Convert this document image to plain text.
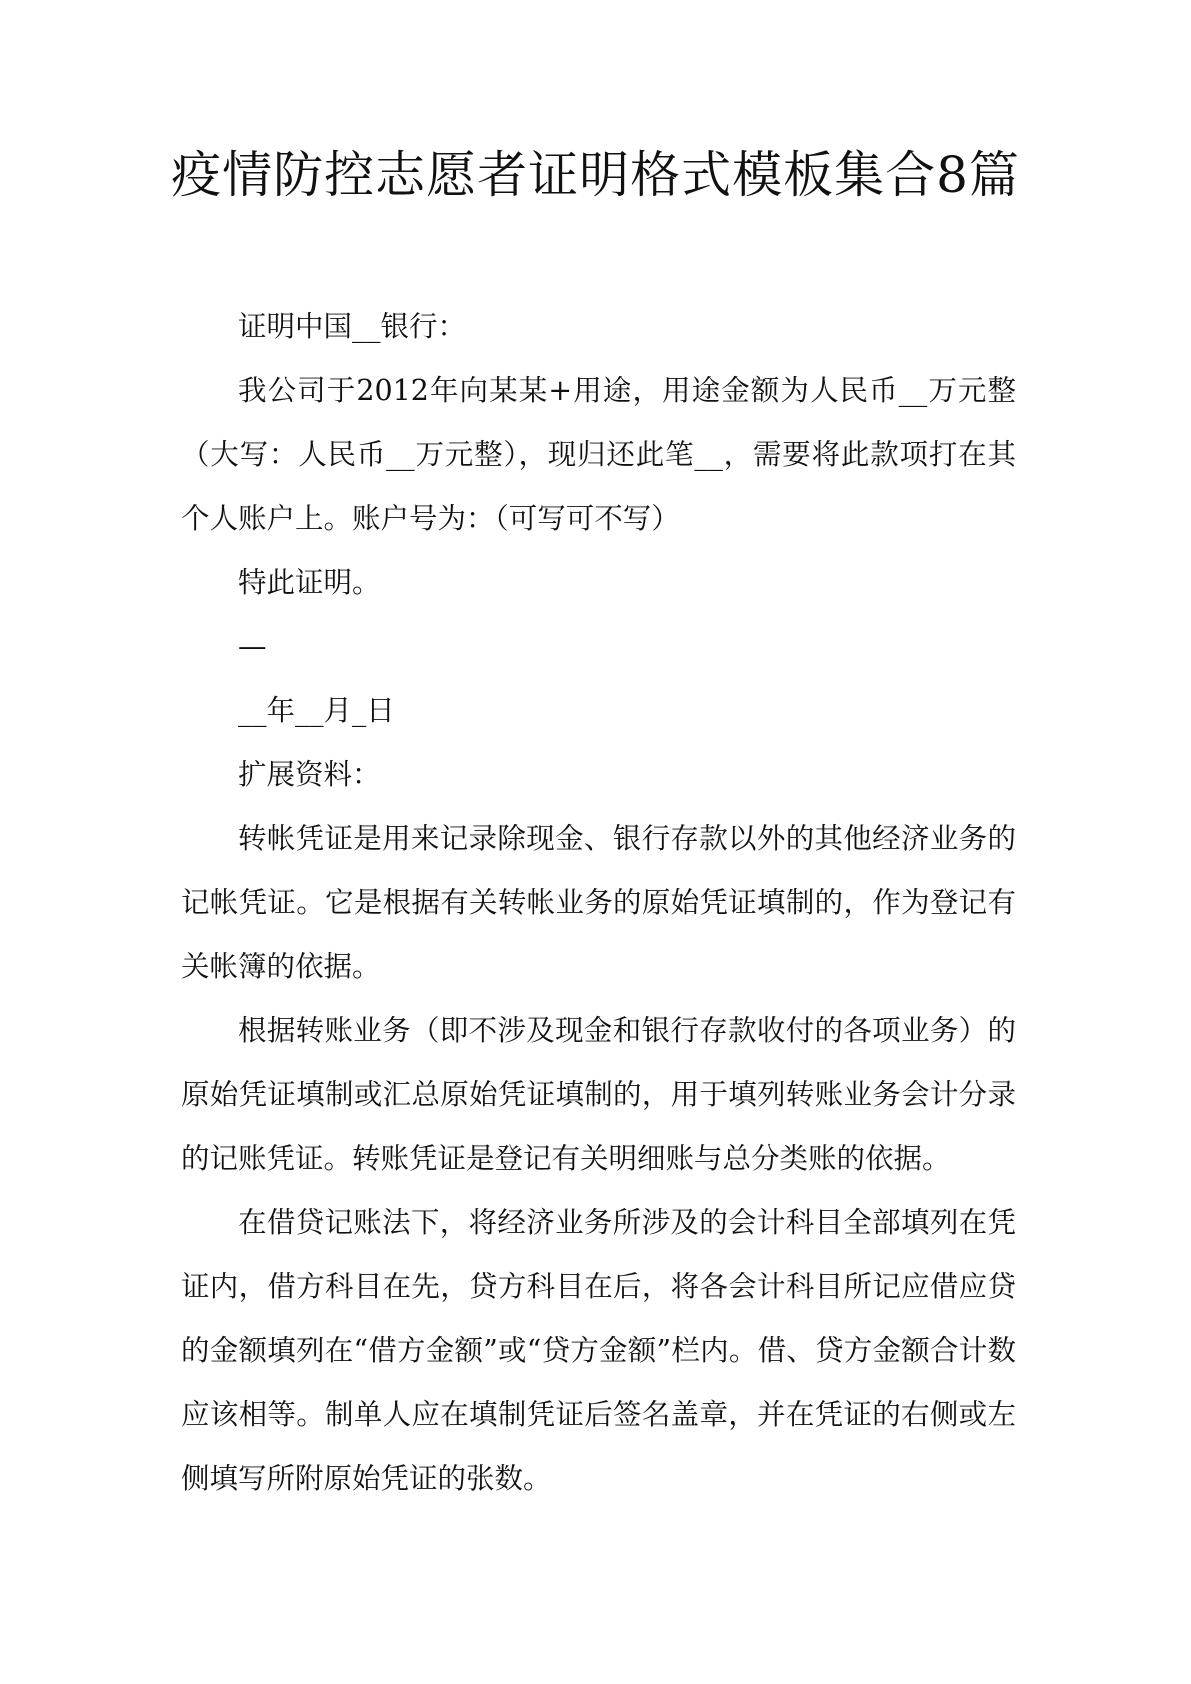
疫情防控志愿者证明格式模板集合8篇

证明中国__银行：

我公司于2012年向某某+用途，用途金额为人民币__万元整（大写：人民币__万元整），现归还此笔__，需要将此款项打在其个人账户上。账户号为：（可写可不写）

特此证明。

—

__年__月_日

扩展资料：

转帐凭证是用来记录除现金、银行存款以外的其他经济业务的记帐凭证。它是根据有关转帐业务的原始凭证填制的，作为登记有关帐簿的依据。

根据转账业务（即不涉及现金和银行存款收付的各项业务）的原始凭证填制或汇总原始凭证填制的，用于填列转账业务会计分录的记账凭证。转账凭证是登记有关明细账与总分类账的依据。

在借贷记账法下，将经济业务所涉及的会计科目全部填列在凭证内，借方科目在先，贷方科目在后，将各会计科目所记应借应贷的金额填列在“借方金额”或“贷方金额”栏内。借、贷方金额合计数应该相等。制单人应在填制凭证后签名盖章，并在凭证的右侧或左侧填写所附原始凭证的张数。
